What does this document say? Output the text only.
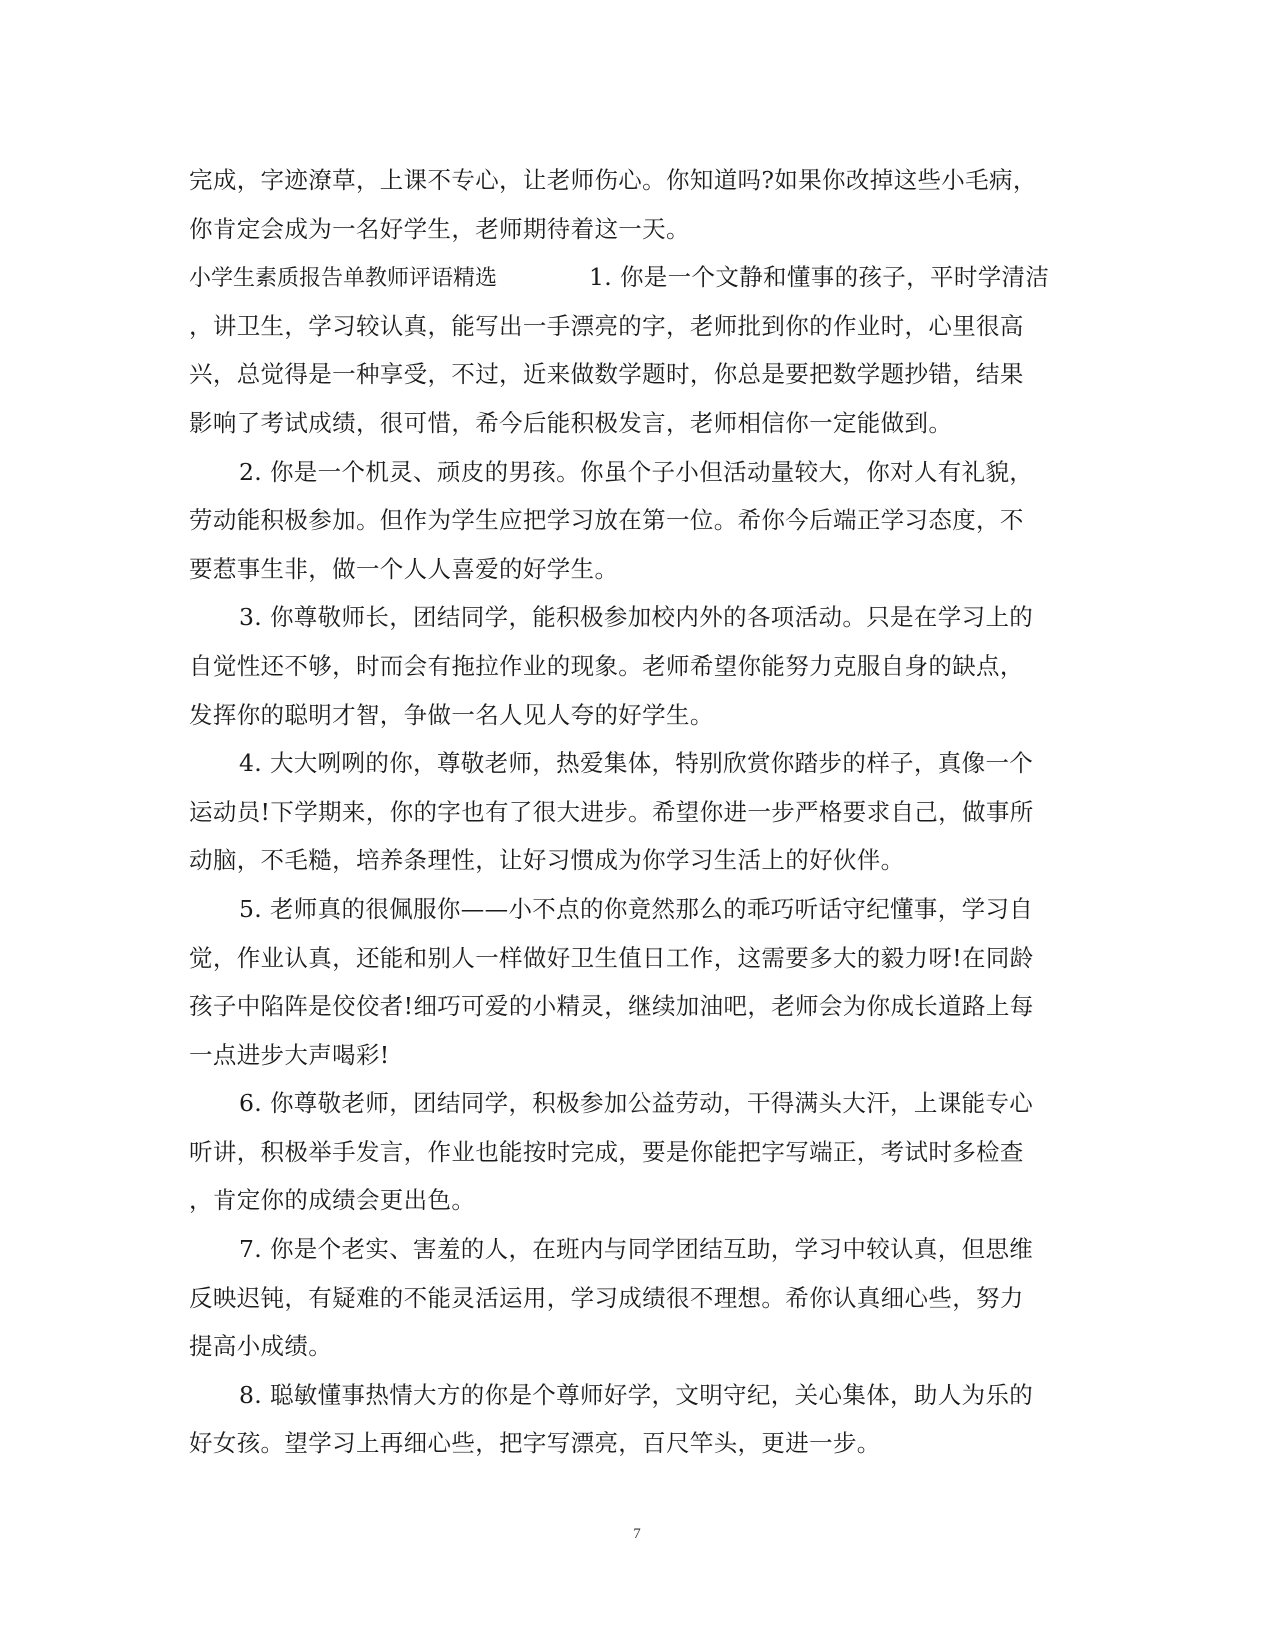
完成，字迹潦草，上课不专心，让老师伤心。你知道吗?如果你改掉这些小毛病，
你肯定会成为一名好学生，老师期待着这一天。
小学生素质报告单教师评语精选	1. 你是一个文静和懂事的孩子，平时学清洁
，讲卫生，学习较认真，能写出一手漂亮的字，老师批到你的作业时，心里很高
兴，总觉得是一种享受，不过，近来做数学题时，你总是要把数学题抄错，结果
影响了考试成绩，很可惜，希今后能积极发言，老师相信你一定能做到。
2. 你是一个机灵、顽皮的男孩。你虽个子小但活动量较大，你对人有礼貌，
劳动能积极参加。但作为学生应把学习放在第一位。希你今后端正学习态度，不
要惹事生非，做一个人人喜爱的好学生。
3. 你尊敬师长，团结同学，能积极参加校内外的各项活动。只是在学习上的
自觉性还不够，时而会有拖拉作业的现象。老师希望你能努力克服自身的缺点，
发挥你的聪明才智，争做一名人见人夸的好学生。
4. 大大咧咧的你，尊敬老师，热爱集体，特别欣赏你踏步的样子，真像一个
运动员!下学期来，你的字也有了很大进步。希望你进一步严格要求自己，做事所
动脑，不毛糙，培养条理性，让好习惯成为你学习生活上的好伙伴。
5. 老师真的很佩服你——小不点的你竟然那么的乖巧听话守纪懂事，学习自
觉，作业认真，还能和别人一样做好卫生值日工作，这需要多大的毅力呀!在同龄
孩子中陷阵是佼佼者!细巧可爱的小精灵，继续加油吧，老师会为你成长道路上每
一点进步大声喝彩!
6. 你尊敬老师，团结同学，积极参加公益劳动，干得满头大汗，上课能专心
听讲，积极举手发言，作业也能按时完成，要是你能把字写端正，考试时多检查
，肯定你的成绩会更出色。
7. 你是个老实、害羞的人，在班内与同学团结互助，学习中较认真，但思维
反映迟钝，有疑难的不能灵活运用，学习成绩很不理想。希你认真细心些，努力
提高小成绩。
8. 聪敏懂事热情大方的你是个尊师好学，文明守纪，关心集体，助人为乐的
好女孩。望学习上再细心些，把字写漂亮，百尺竿头，更进一步。
7
